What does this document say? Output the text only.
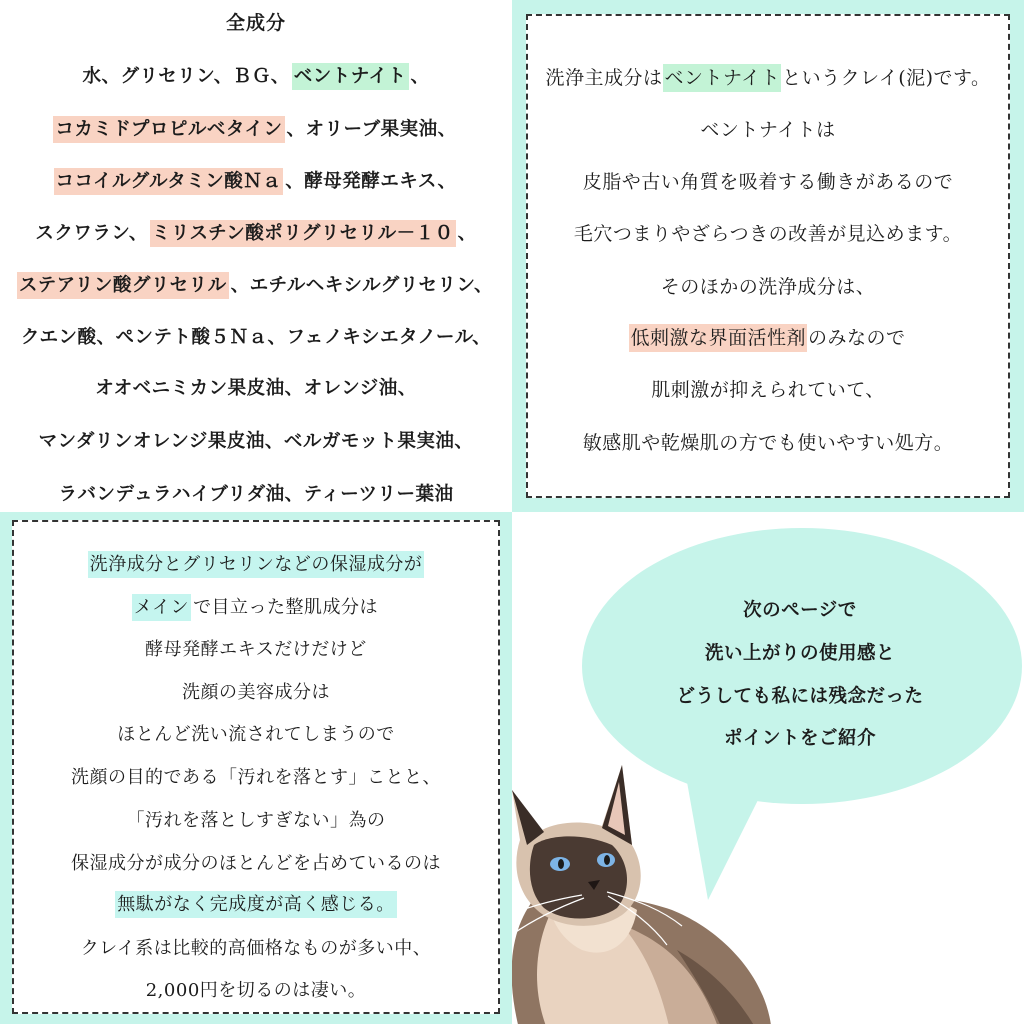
全成分
水、グリセリン、ＢＧ、 ベントナイト 、
コカミドプロピルベタイン 、オリーブ果実油、
ココイルグルタミン酸Ｎａ 、酵母発酵エキス、
スクワラン、 ミリスチン酸ポリグリセリル－１０ 、
ステアリン酸グリセリル 、エチルヘキシルグリセリン、
クエン酸、ペンテト酸５Ｎａ、フェノキシエタノール、
オオベニミカン果皮油、オレンジ油、
マンダリンオレンジ果皮油、ベルガモット果実油、
ラバンデュラハイブリダ油、ティーツリー葉油
洗浄主成分は ベントナイト というクレイ(泥)です。
ベントナイトは
皮脂や古い角質を吸着する働きがあるので
毛穴つまりやざらつきの改善が見込めます。
そのほかの洗浄成分は、
低刺激な界面活性剤 のみなので
肌刺激が抑えられていて、
敏感肌や乾燥肌の方でも使いやすい処方。
洗浄成分とグリセリンなどの保湿成分が
メイン で目立った整肌成分は
酵母発酵エキスだけだけど
洗顔の美容成分は
ほとんど洗い流されてしまうので
洗顔の目的である「汚れを落とす」ことと、
「汚れを落としすぎない」為の
保湿成分が成分のほとんどを占めているのは
無駄がなく完成度が高く感じる。
クレイ系は比較的高価格なものが多い中、
2,000円を切るのは凄い。
次のページで
洗い上がりの使用感と
どうしても私には残念だった
ポイントをご紹介
